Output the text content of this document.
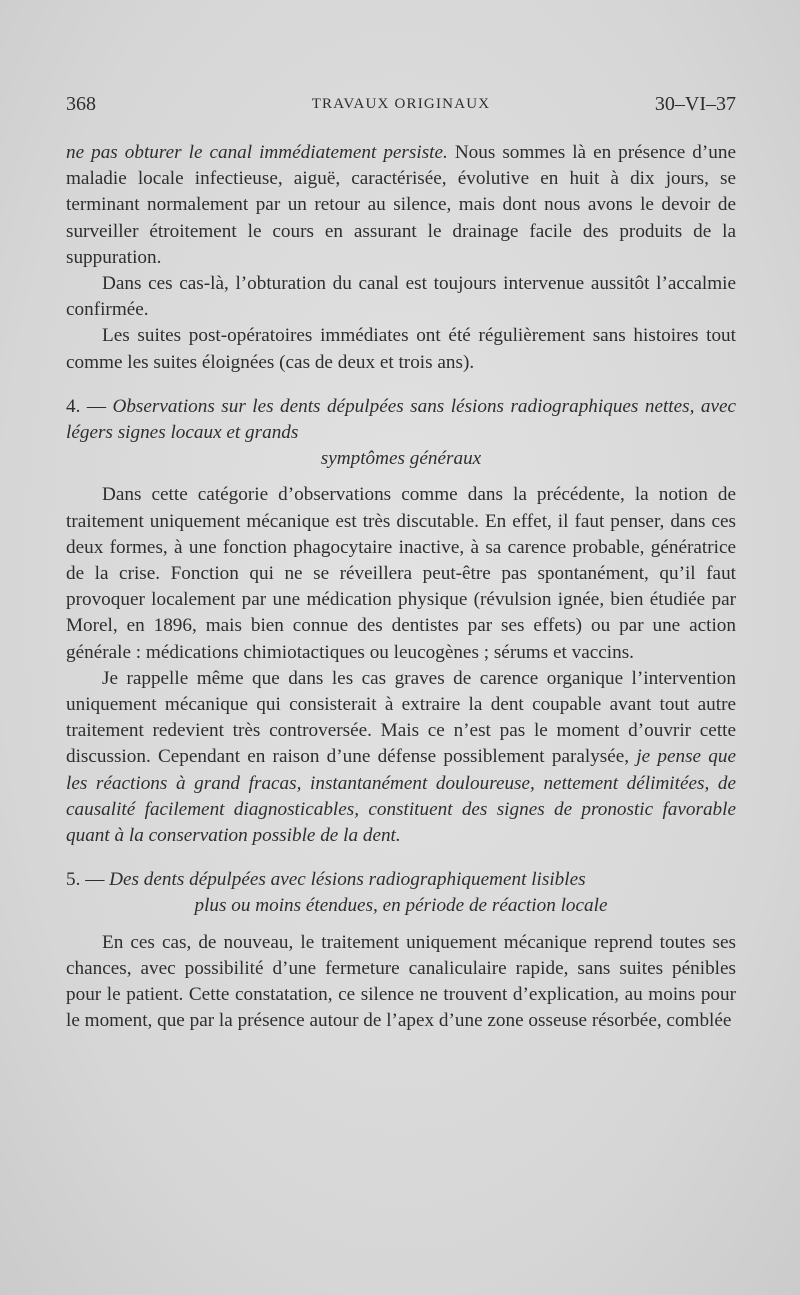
368	TRAVAUX ORIGINAUX	30–VI–37

ne pas obturer le canal immédiatement persiste. Nous sommes là en présence d’une maladie locale infectieuse, aiguë, caractérisée, évolutive en huit à dix jours, se terminant normalement par un retour au silence, mais dont nous avons le devoir de surveiller étroitement le cours en assurant le drainage facile des produits de la suppuration.

Dans ces cas-là, l’obturation du canal est toujours intervenue aussitôt l’accalmie confirmée.

Les suites post-opératoires immédiates ont été régulièrement sans histoires tout comme les suites éloignées (cas de deux et trois ans).

4. — Observations sur les dents dépulpées sans lésions radiographiques nettes, avec légers signes locaux et grands
symptômes généraux

Dans cette catégorie d’observations comme dans la précédente, la notion de traitement uniquement mécanique est très discutable. En effet, il faut penser, dans ces deux formes, à une fonction phagocytaire inactive, à sa carence probable, génératrice de la crise. Fonction qui ne se réveillera peut-être pas spontanément, qu’il faut provoquer localement par une médication physique (révulsion ignée, bien étudiée par Morel, en 1896, mais bien connue des dentistes par ses effets) ou par une action générale : médications chimiotactiques ou leucogènes ; sérums et vaccins.

Je rappelle même que dans les cas graves de carence organique l’intervention uniquement mécanique qui consisterait à extraire la dent coupable avant tout autre traitement redevient très controversée. Mais ce n’est pas le moment d’ouvrir cette discussion. Cependant en raison d’une défense possiblement paralysée, je pense que les réactions à grand fracas, instantanément douloureuse, nettement délimitées, de causalité facilement diagnosticables, constituent des signes de pronostic favorable quant à la conservation possible de la dent.

5. — Des dents dépulpées avec lésions radiographiquement lisibles
plus ou moins étendues, en période de réaction locale

En ces cas, de nouveau, le traitement uniquement mécanique reprend toutes ses chances, avec possibilité d’une fermeture canaliculaire rapide, sans suites pénibles pour le patient. Cette constatation, ce silence ne trouvent d’explication, au moins pour le moment, que par la présence autour de l’apex d’une zone osseuse résorbée, comblée
